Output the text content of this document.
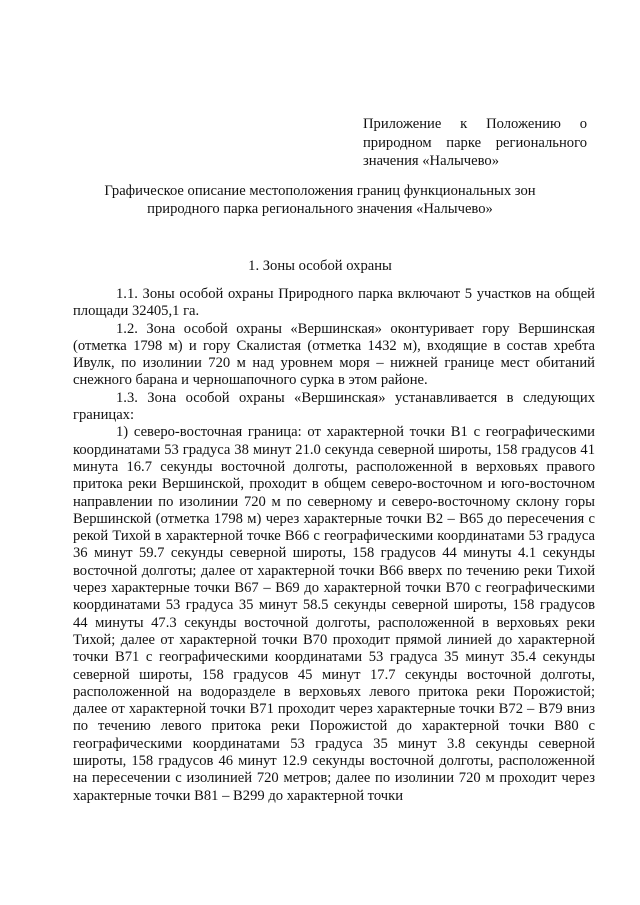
Приложение к Положению о природном парке регионального значения «Налычево»
Графическое описание местоположения границ функциональных зон природного парка регионального значения «Налычево»
1. Зоны особой охраны

1.1. Зоны особой охраны Природного парка включают 5 участков на общей площади 32405,1 га.

1.2. Зона особой охраны «Вершинская» оконтуривает гору Вершинская (отметка 1798 м) и гору Скалистая (отметка 1432 м), входящие в состав хребта Ивулк, по изолинии 720 м над уровнем моря – нижней границе мест обитаний снежного барана и черношапочного сурка в этом районе.

1.3. Зона особой охраны «Вершинская» устанавливается в следующих границах:

1) северо-восточная граница: от характерной точки В1 с географическими координатами 53 градуса 38 минут 21.0 секунда северной широты, 158 градусов 41 минута 16.7 секунды восточной долготы, расположенной в верховьях правого притока реки Вершинской, проходит в общем северо-восточном и юго-восточном направлении по изолинии 720 м по северному и северо-восточному склону горы Вершинской (отметка 1798 м) через характерные точки В2 – В65 до пересечения с рекой Тихой в характерной точке В66 с географическими координатами 53 градуса 36 минут 59.7 секунды северной широты, 158 градусов 44 минуты 4.1 секунды восточной долготы; далее от характерной точки В66 вверх по течению реки Тихой через характерные точки В67 – В69 до характерной точки В70 с географическими координатами 53 градуса 35 минут 58.5 секунды северной широты, 158 градусов 44 минуты 47.3 секунды восточной долготы, расположенной в верховьях реки Тихой; далее от характерной точки В70 проходит прямой линией до характерной точки В71 с географическими координатами 53 градуса 35 минут 35.4 секунды северной широты, 158 градусов 45 минут 17.7 секунды восточной долготы, расположенной на водоразделе в верховьях левого притока реки Порожистой; далее от характерной точки В71 проходит через характерные точки В72 – В79 вниз по течению левого притока реки Порожистой до характерной точки В80 с географическими координатами 53 градуса 35 минут 3.8 секунды северной широты, 158 градусов 46 минут 12.9 секунды восточной долготы, расположенной на пересечении с изолинией 720 метров; далее по изолинии 720 м проходит через характерные точки В81 – В299 до характерной точки
